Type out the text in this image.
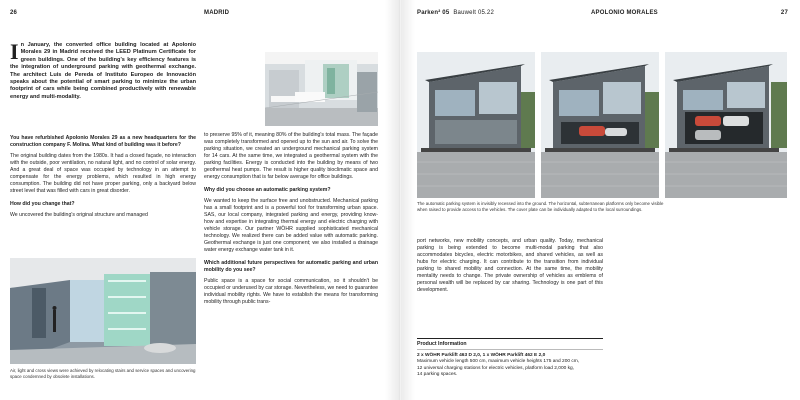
26	MADRID
In January, the converted office building located at Apolonio Morales 29 in Madrid received the LEED Platinum Certificate for green buildings. One of the building's key efficiency features is the integration of underground parking with geothermal exchange. The architect Luis de Pereda of Instituto Europeo de Innovación speaks about the potential of smart parking to minimize the urban footprint of cars while being combined productively with renewable energy and multi-modality.

You have refurbished Apolonio Morales 29 as a new headquarters for the construction company F. Molina. What kind of building was it before?

The original building dates from the 1980s. It had a closed façade, no interaction with the outside, poor ventilation, no natural light, and no control of solar energy. And a great deal of space was occupied by technology in an attempt to compensate for the energy problems, which resulted in high energy consumption. The building did not have proper parking, only a backyard below street level that was filled with cars in great disorder.

How did you change that?

We uncovered the building's original structure and managed

to preserve 95% of it, meaning 80% of the building's total mass. The façade was completely transformed and opened up to the sun and air. To solve the parking situation, we created an underground mechanical parking system for 14 cars. At the same time, we integrated a geothermal system with the parking facilities. Energy is conducted into the building by means of two geothermal heat pumps. The result is higher quality bioclimatic space and energy consumption that is far below average for office buildings.

Why did you choose an automatic parking system?

We wanted to keep the surface free and unobstructed. Mechanical parking has a small footprint and is a powerful tool for transforming urban space. SAS, our local company, integrated parking and energy, providing know-how and expertise in integrating thermal energy and electric charging with vehicle storage. Our partner WÖHR supplied sophisticated mechanical technology. We realized there can be added value with automatic parking. Geothermal exchange is just one component; we also installed a drainage water energy exchange water tank in it.

Which additional future perspectives for automatic parking and urban mobility do you see?

Public space is a space for social communication, so it shouldn't be occupied or underused by car storage. Nevertheless, we need to guarantee individual mobility rights. We have to establish the means for transforming mobility through public trans-

Air, light and cross views were achieved by relocating stairs and service spaces and uncovering space condemned by obsolete installations.
Parken² 05 Bauwelt 05.22	APOLONIO MORALES	27
The automatic parking system is invisibly recessed into the ground. The horizontal, subterranean platforms only become visible when raised to provide access to the vehicles. The cover plate can be individually adapted to the local surroundings.

port networks, new mobility concepts, and urban quality. Today, mechanical parking is being extended to become multi-modal parking that also accommodates bicycles, electric motorbikes, and shared vehicles, as well as hubs for electric charging. It can contribute to the transition from individual parking to shared mobility and connection. At the same time, the mobility mentality needs to change. The private ownership of vehicles as emblems of personal wealth will be replaced by car sharing. Technology is one part of this development.

Product Information
2 x WÖHR Parklift 463 D 2,0, 1 x WÖHR Parklift 462 E 2,0
Maximum vehicle length 500 cm, maximum vehicle heights 175 and 200 cm,
12 universal charging stations for electric vehicles, platform load 2,000 kg,
14 parking spaces.
